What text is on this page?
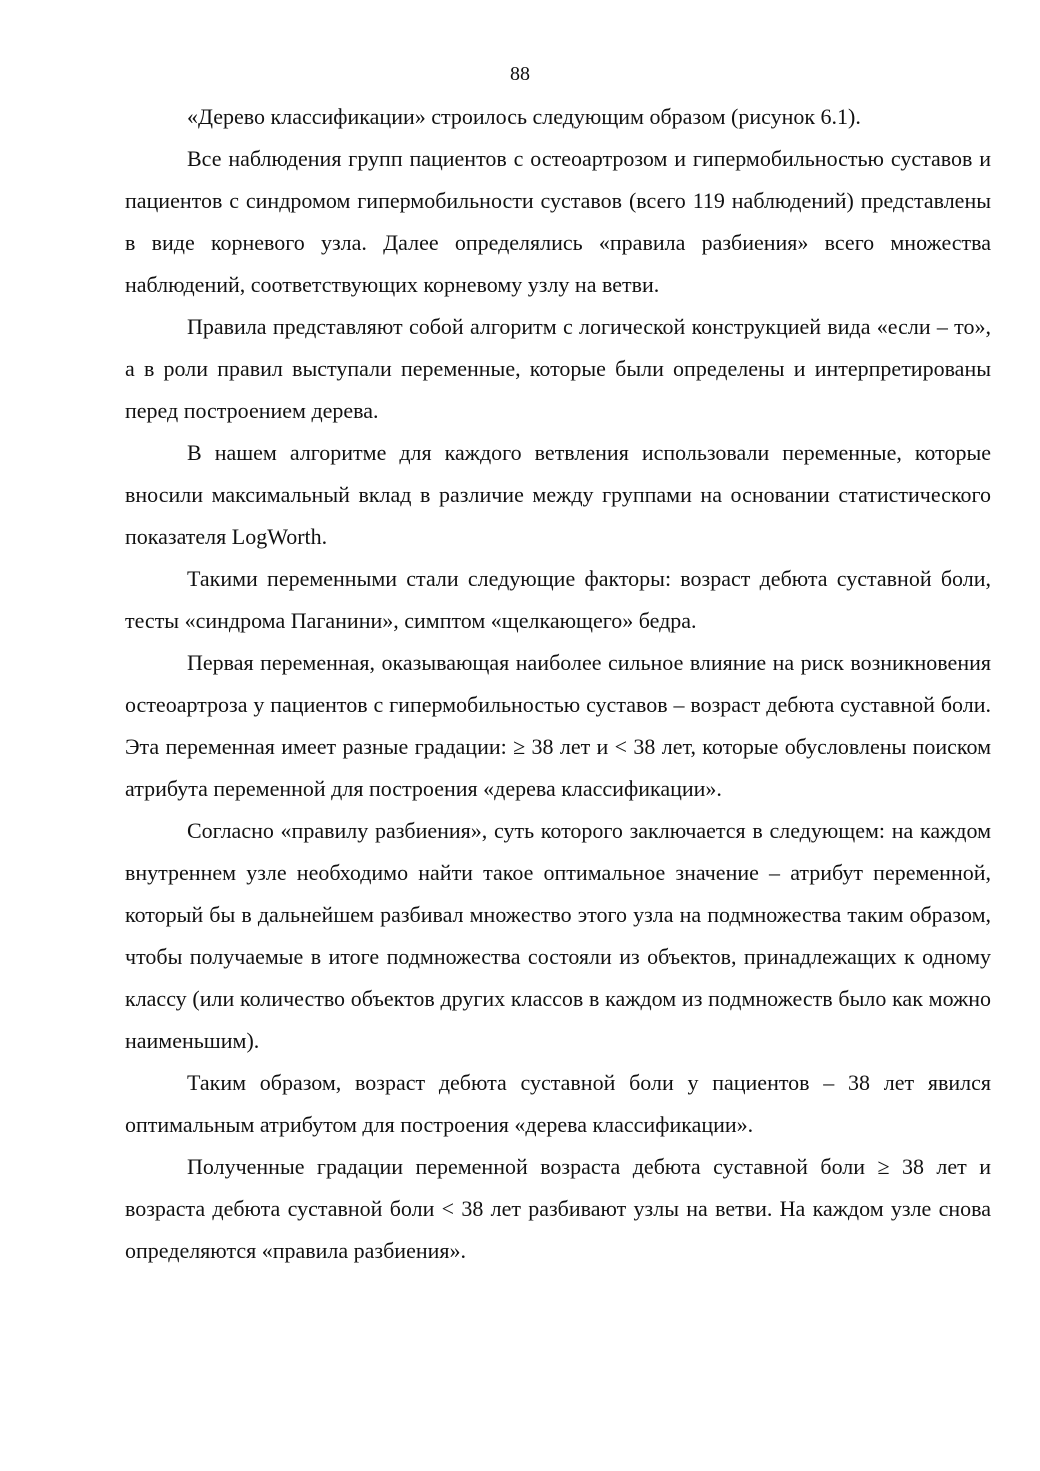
88

«Дерево классификации» строилось следующим образом (рисунок 6.1).

Все наблюдения групп пациентов с остеоартрозом и гипермобильностью суставов и пациентов с синдромом гипермобильности суставов (всего 119 наблюдений) представлены в виде корневого узла. Далее определялись «правила разбиения» всего множества наблюдений, соответствующих корневому узлу на ветви.

Правила представляют собой алгоритм с логической конструкцией вида «если – то», а в роли правил выступали переменные, которые были определены и интерпретированы перед построением дерева.

В нашем алгоритме для каждого ветвления использовали переменные, которые вносили максимальный вклад в различие между группами на основании статистического показателя LogWorth.

Такими переменными стали следующие факторы: возраст дебюта суставной боли, тесты «синдрома Паганини», симптом «щелкающего» бедра.

Первая переменная, оказывающая наиболее сильное влияние на риск возникновения остеоартроза у пациентов с гипермобильностью суставов – возраст дебюта суставной боли. Эта переменная имеет разные градации: ≥ 38 лет и < 38 лет, которые обусловлены поиском атрибута переменной для построения «дерева классификации».

Согласно «правилу разбиения», суть которого заключается в следующем: на каждом внутреннем узле необходимо найти такое оптимальное значение – атрибут переменной, который бы в дальнейшем разбивал множество этого узла на подмножества таким образом, чтобы получаемые в итоге подмножества состояли из объектов, принадлежащих к одному классу (или количество объектов других классов в каждом из подмножеств было как можно наименьшим).

Таким образом, возраст дебюта суставной боли у пациентов – 38 лет явился оптимальным атрибутом для построения «дерева классификации».

Полученные градации переменной возраста дебюта суставной боли ≥ 38 лет и возраста дебюта суставной боли < 38 лет разбивают узлы на ветви. На каждом узле снова определяются «правила разбиения».
